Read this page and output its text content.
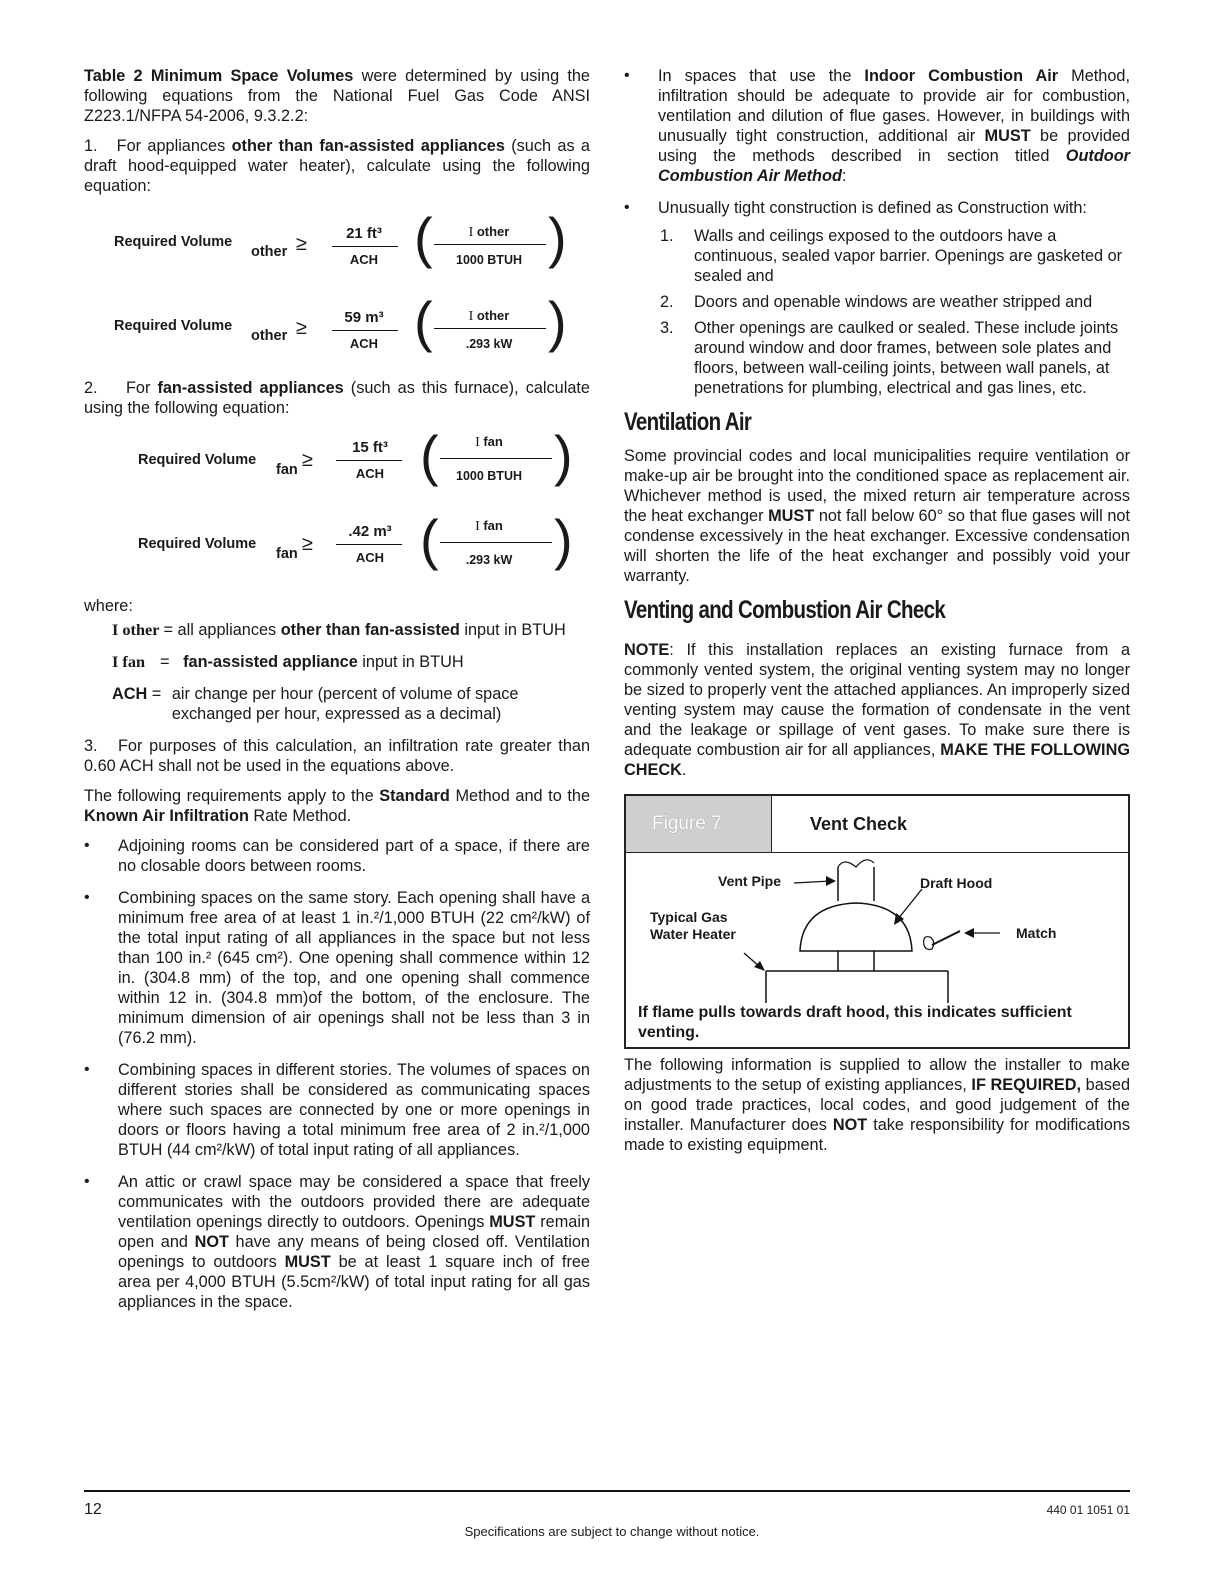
Table 2 Minimum Space Volumes were determined by using the following equations from the National Fuel Gas Code ANSI Z223.1/NFPA 54-2006, 9.3.2.2:

1. For appliances other than fan-assisted appliances (such as a draft hood-equipped water heater), calculate using the following equation:

Required Volume
other ≥	21 ft³
ACH (	I other
1000 BTUH )
Required Volume
other ≥	59 m³
ACH (	I other
.293 kW )

2. For fan-assisted appliances (such as this furnace), calculate using the following equation:

Required Volume
fan ≥
15 ft³
ACH (	I fan
1000 BTUH )
Required Volume
fan ≥
.42 m³
ACH (	I fan
.293 kW )

where:

I other = all appliances other than fan-assisted input in BTUH
I fan =   fan-assisted appliance input in BTUH
ACH = air change per hour (percent of volume of space exchanged per hour, expressed as a decimal)

3.   For purposes of this calculation, an infiltration rate greater than 0.60 ACH shall not be used in the equations above.

The following requirements apply to the Standard Method and to the Known Air Infiltration Rate Method.

• Adjoining rooms can be considered part of a space, if there are no closable doors between rooms.
• Combining spaces on the same story. Each opening shall have a minimum free area of at least 1 in.²/1,000 BTUH (22 cm²/kW) of the total input rating of all appliances in the space but not less than 100 in.² (645 cm²). One opening shall commence within 12 in. (304.8 mm) of the top, and one opening shall commence within 12 in. (304.8 mm)of the bottom, of the enclosure. The minimum dimension of air openings shall not be less than 3 in (76.2 mm).
• Combining spaces in different stories. The volumes of spaces on different stories shall be considered as communicating spaces where such spaces are connected by one or more openings in doors or floors having a total minimum free area of 2 in.²/1,000 BTUH (44 cm²/kW) of total input rating of all appliances.
• An attic or crawl space may be considered a space that freely communicates with the outdoors provided there are adequate ventilation openings directly to outdoors. Openings MUST remain open and NOT have any means of being closed off. Ventilation openings to outdoors MUST be at least 1 square inch of free area per 4,000 BTUH (5.5cm²/kW) of total input rating for all gas appliances in the space.
• In spaces that use the Indoor Combustion Air Method, infiltration should be adequate to provide air for combustion, ventilation and dilution of flue gases. However, in buildings with unusually tight construction, additional air MUST be provided using the methods described in section titled Outdoor Combustion Air Method:
• Unusually tight construction is defined as Construction with:
1. Walls and ceilings exposed to the outdoors have a continuous, sealed vapor barrier. Openings are gasketed or sealed and
2. Doors and openable windows are weather stripped and
3. Other openings are caulked or sealed. These include joints around window and door frames, between sole plates and floors, between wall-ceiling joints, between wall panels, at penetrations for plumbing, electrical and gas lines, etc.
Ventilation Air

Some provincial codes and local municipalities require ventilation or make-up air be brought into the conditioned space as replacement air. Whichever method is used, the mixed return air temperature across the heat exchanger MUST not fall below 60° so that flue gases will not condense excessively in the heat exchanger. Excessive condensation will shorten the life of the heat exchanger and possibly void your warranty.

Venting and Combustion Air Check

NOTE: If this installation replaces an existing furnace from a commonly vented system, the original venting system may no longer be sized to properly vent the attached appliances. An improperly sized venting system may cause the formation of condensate in the vent and the leakage or spillage of vent gases. To make sure there is adequate combustion air for all appliances, MAKE THE FOLLOWING CHECK.

Figure 7	Vent Check
Vent Pipe	Draft Hood
Typical Gas
Water Heater	Match
If flame pulls towards draft hood, this indicates sufficient venting.

The following information is supplied to allow the installer to make adjustments to the setup of existing appliances, IF REQUIRED, based on good trade practices, local codes, and good judgement of the installer. Manufacturer does NOT take responsibility for modifications made to existing equipment.

12	440 01 1051 01
Specifications are subject to change without notice.
